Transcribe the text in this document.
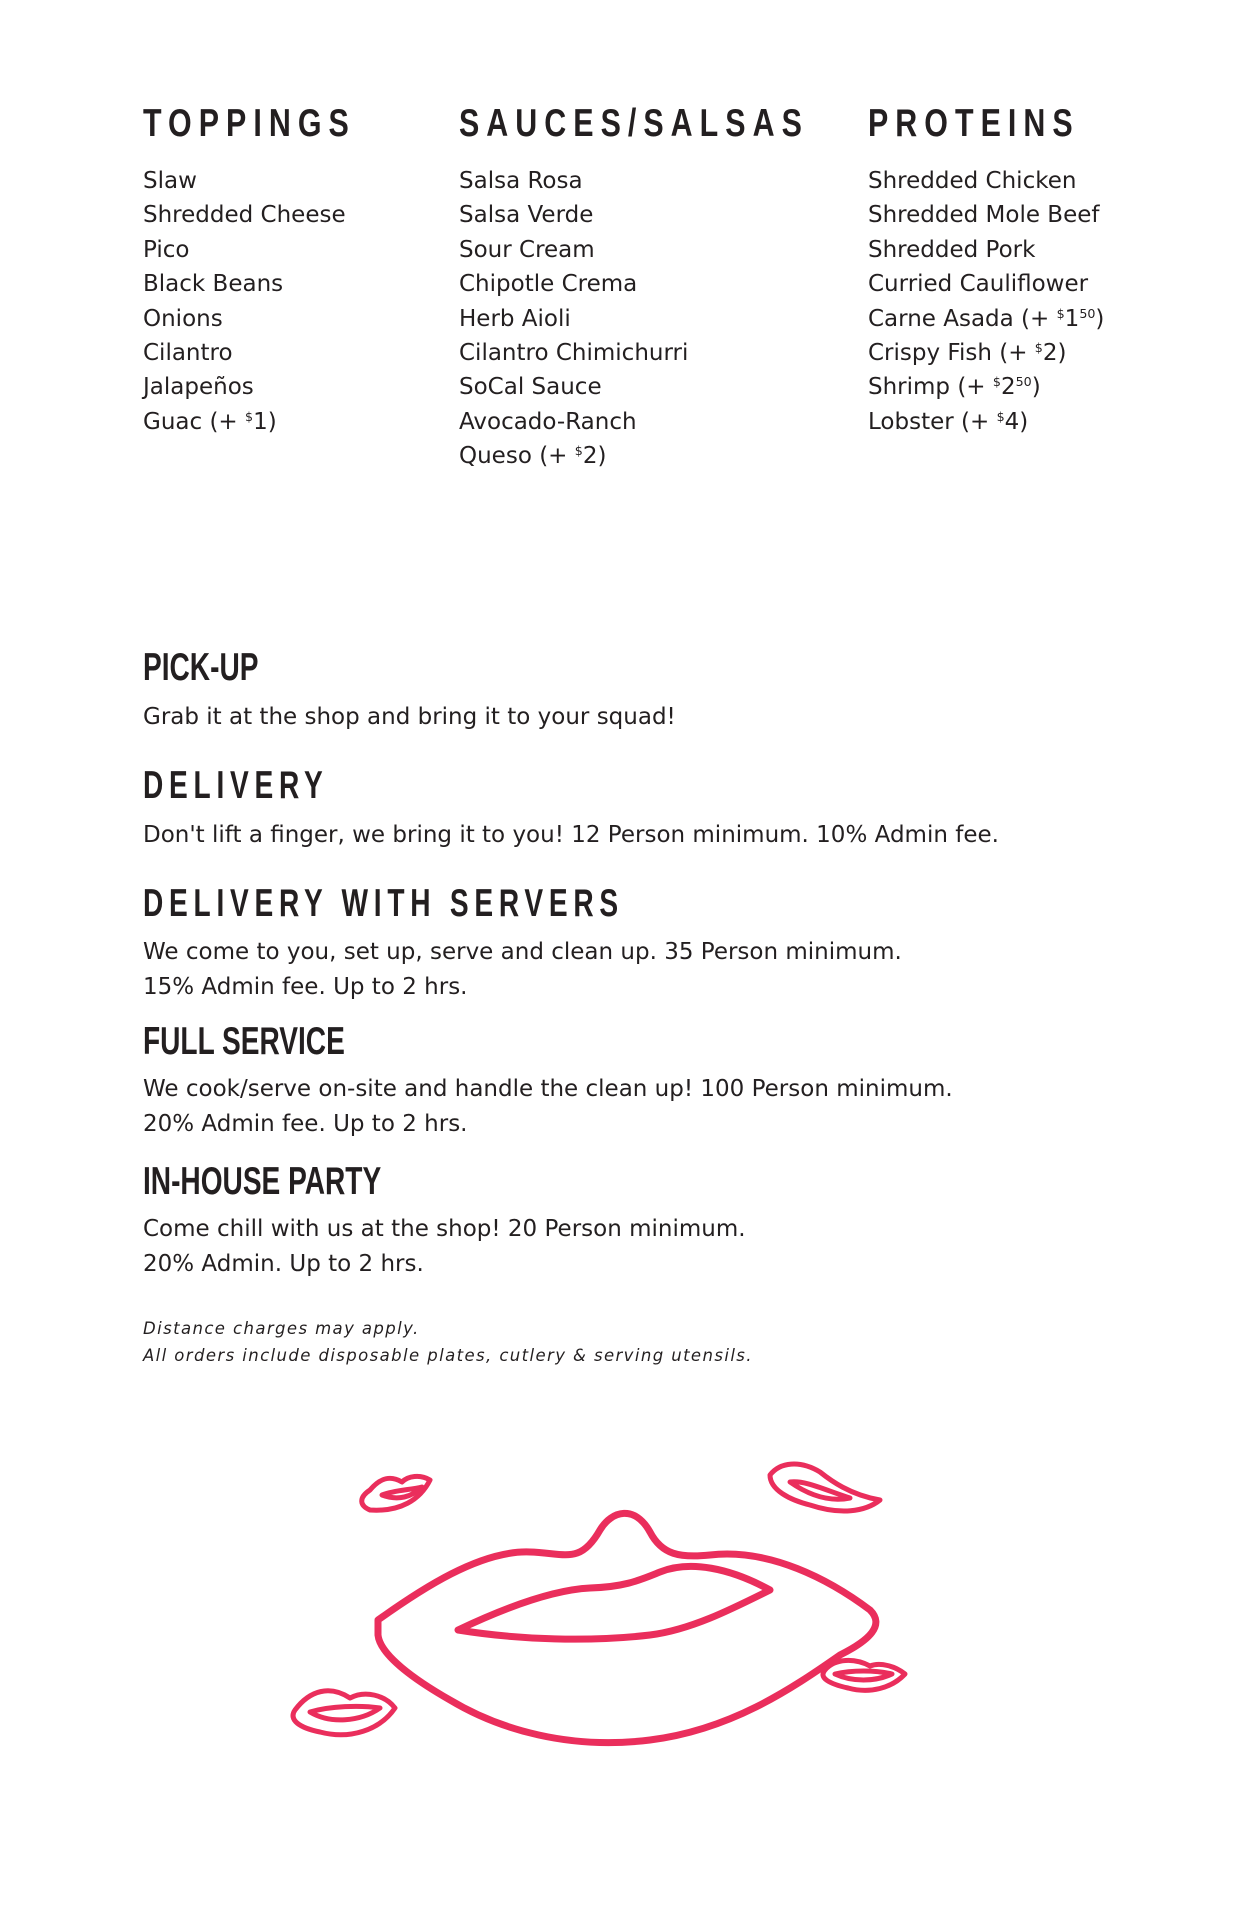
TOPPINGS
Slaw
Shredded Cheese
Pico
Black Beans
Onions
Cilantro
Jalapeños
Guac (+ $1)
SAUCES/SALSAS
Salsa Rosa
Salsa Verde
Sour Cream
Chipotle Crema
Herb Aioli
Cilantro Chimichurri
SoCal Sauce
Avocado-Ranch
Queso (+ $2)
PROTEINS
Shredded Chicken
Shredded Mole Beef
Shredded Pork
Curried Cauliflower
Carne Asada (+ $^{\$}1^{50}$)
Crispy Fish (+ $2)
Shrimp (+ $^{\$}2^{50}$)
Lobster (+ $4)
PICK-UP

Grab it at the shop and bring it to your squad!

DELIVERY

Don't lift a finger, we bring it to you! 12 Person minimum. 10% Admin fee.

DELIVERY WITH SERVERS

We come to you, set up, serve and clean up. 35 Person minimum.

15% Admin fee. Up to 2 hrs.

FULL SERVICE

We cook/serve on-site and handle the clean up! 100 Person minimum.

20% Admin fee. Up to 2 hrs.

IN-HOUSE PARTY

Come chill with us at the shop! 20 Person minimum.

20% Admin. Up to 2 hrs.

Distance charges may apply.

All orders include disposable plates, cutlery & serving utensils.
